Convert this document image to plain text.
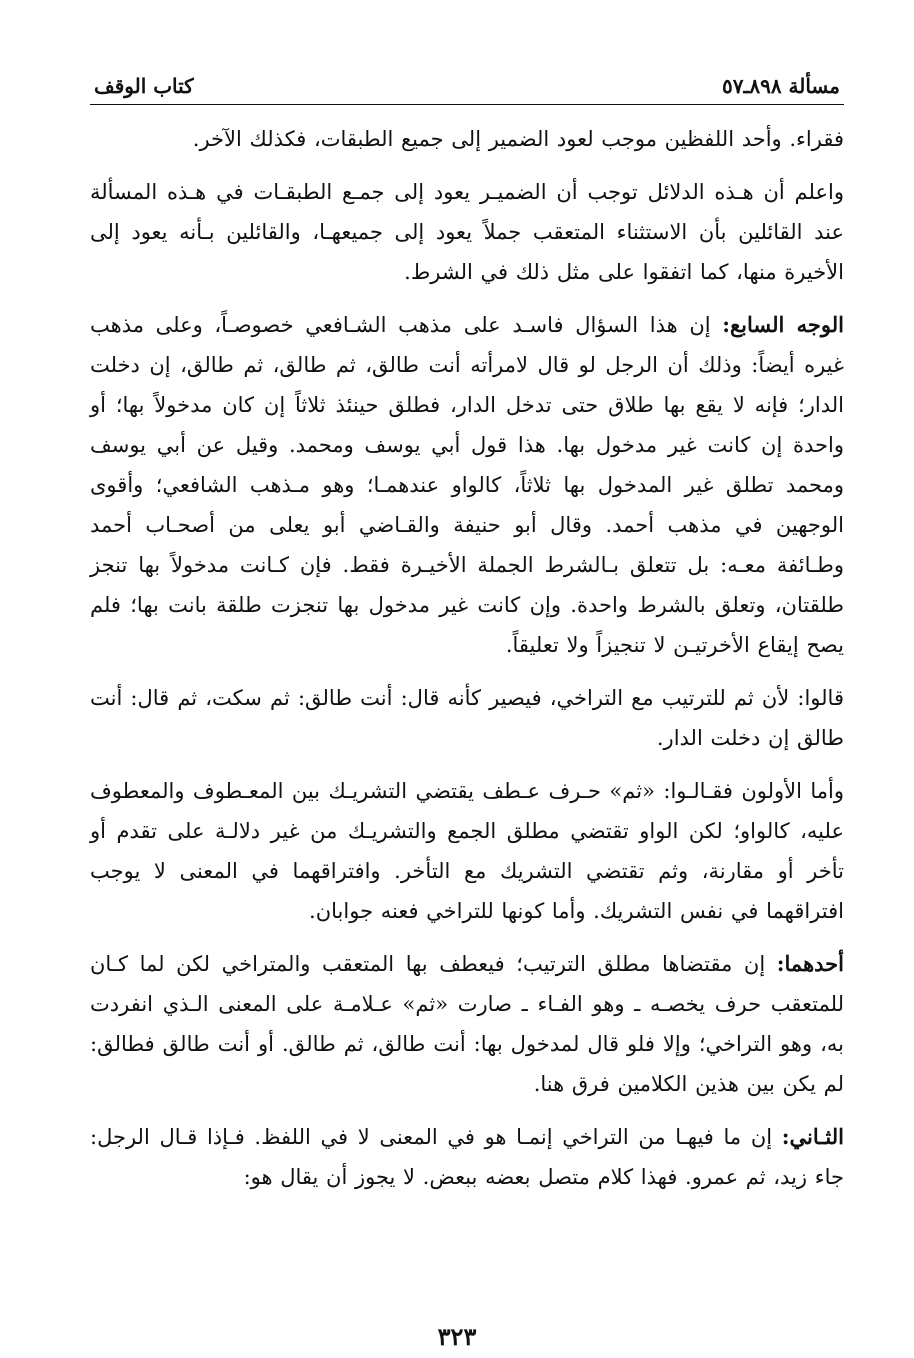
مسألة ٨٩٨ـ٥٧
كتاب الوقف

فقراء. وأحد اللفظين موجب لعود الضمير إلى جميع الطبقات، فكذلك الآخر.

واعلم أن هـذه الدلائل توجب أن الضميـر يعود إلى جمـع الطبقـات في هـذه المسألة عند القائلين بأن الاستثناء المتعقب جملاً يعود إلى جميعهـا، والقائلين بـأنه يعود إلى الأخيرة منها، كما اتفقوا على مثل ذلك في الشرط.

الوجه السابع: إن هذا السؤال فاسـد على مذهب الشـافعي خصوصـاً، وعلى مذهب غيره أيضاً: وذلك أن الرجل لو قال لامرأته أنت طالق، ثم طالق، ثم طالق، إن دخلت الدار؛ فإنه لا يقع بها طلاق حتى تدخل الدار، فطلق حينئذ ثلاثاً إن كان مدخولاً بها؛ أو واحدة إن كانت غير مدخول بها. هذا قول أبي يوسف ومحمد. وقيل عن أبي يوسف ومحمد تطلق غير المدخول بها ثلاثاً، كالواو عندهمـا؛ وهو مـذهب الشافعي؛ وأقوى الوجهين في مذهب أحمد. وقال أبو حنيفة والقـاضي أبو يعلى من أصحـاب أحمد وطـائفة معـه: بل تتعلق بـالشرط الجملة الأخيـرة فقط. فإن كـانت مدخولاً بها تنجز طلقتان، وتعلق بالشرط واحدة. وإن كانت غير مدخول بها تنجزت طلقة بانت بها؛ فلم يصح إيقاع الأخرتيـن لا تنجيزاً ولا تعليقاً.

قالوا: لأن ثم للترتيب مع التراخي، فيصير كأنه قال: أنت طالق: ثم سكت، ثم قال: أنت طالق إن دخلت الدار.

وأما الأولون فقـالـوا: «ثم» حـرف عـطف يقتضي التشريـك بين المعـطوف والمعطوف عليه، كالواو؛ لكن الواو تقتضي مطلق الجمع والتشريـك من غير دلالـة على تقدم أو تأخر أو مقارنة، وثم تقتضي التشريك مع التأخر. وافتراقهما في المعنى لا يوجب افتراقهما في نفس التشريك. وأما كونها للتراخي فعنه جوابان.

أحدهما: إن مقتضاها مطلق الترتيب؛ فيعطف بها المتعقب والمتراخي لكن لما كـان للمتعقب حرف يخصـه ـ وهو الفـاء ـ صارت «ثم» عـلامـة على المعنى الـذي انفردت به، وهو التراخي؛ وإلا فلو قال لمدخول بها: أنت طالق، ثم طالق. أو أنت طالق فطالق: لم يكن بين هذين الكلامين فرق هنا.

الثـاني: إن ما فيهـا من التراخي إنمـا هو في المعنى لا في اللفظ. فـإذا قـال الرجل: جاء زيد، ثم عمرو. فهذا كلام متصل بعضه ببعض. لا يجوز أن يقال هو:

٣٢٣
